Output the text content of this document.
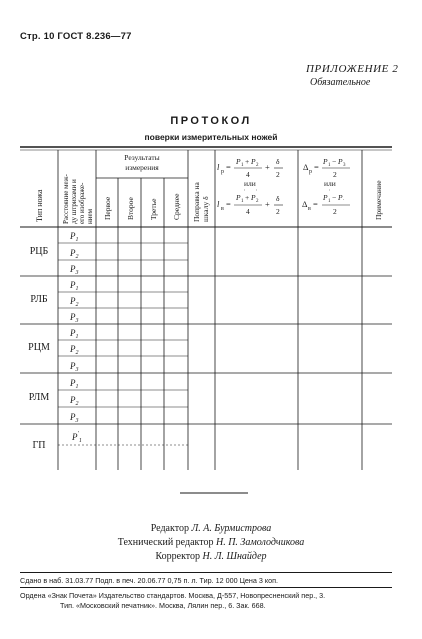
Стр. 10 ГОСТ 8.236—77
ПРИЛОЖЕНИЕ 2
Обязательное
ПРОТОКОЛ
поверки измерительных ножей
Тип ножа	Расстояние меж- ду штрихами и его изображе- нием
Результаты
измерения
Первое Второе Третье Среднее Поправка на шкалу δ	Примечание
l р =
P 1 + P 2
4
+
δ
2
или
l в =
P 1
′
+ P 2
′
4
+
δ
2
Δ р =
P 1 − P 3
2
или
Δ в =
P 1
′
− P .
2
РЦБ
РЛБ
РЦМ
РЛМ
ГП
$P_1$
$P_2$
$P_3$
$P_1$
$P_2$
$P_3$
$P_1$
$P_2$
$P_3$
$P_1$
$P_2$
$P_3$
$P'_1$
Редактор Л. А. Бурмистрова
Технический редактор Н. П. Замолодчикова
Корректор Н. Л. Шнайдер
Сдано в наб. 31.03.77 Подп. в печ. 20.06.77 0,75 п. л. Тир. 12 000 Цена 3 коп.
Ордена «Знак Почета» Издательство стандартов. Москва, Д-557, Новопресненский пер., 3.
Тип. «Московский печатник». Москва, Лялин пер., 6. Зак. 668.
